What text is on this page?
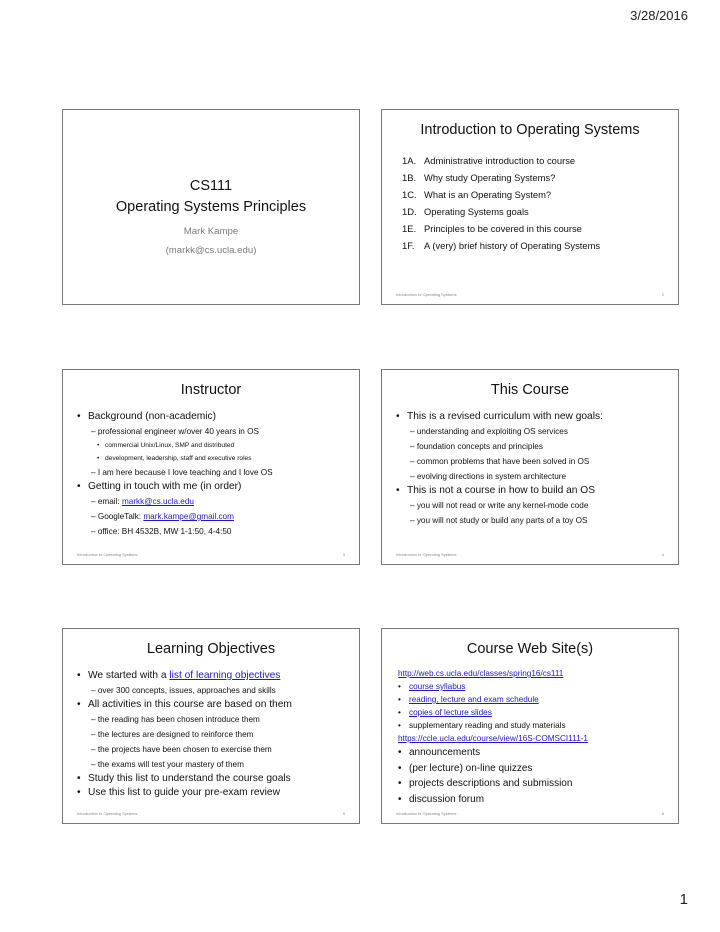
3/28/2016
CS111
Operating Systems Principles
Mark Kampe
(markk@cs.ucla.edu)
Introduction to Operating Systems
1A. Administrative introduction to course
1B. Why study Operating Systems?
1C. What is an Operating System?
1D. Operating Systems goals
1E. Principles to be covered in this course
1F.	A (very) brief history of Operating Systems
Introduction to Operating Systems	2
Instructor
• Background (non-academic)
– professional engineer w/over 40 years in OS
• commercial Unix/Linux, SMP and distributed
• development, leadership, staff and executive roles
– I am here because I love teaching and I love OS
• Getting in touch with me (in order)
– email: markk@cs.ucla.edu
– GoogleTalk: mark.kampe@gmail.com
– office: BH 4532B, MW 1-1:50, 4-4:50
Introduction to Operating Systems	3
This Course
• This is a revised curriculum with new goals:
– understanding and exploiting OS services
– foundation concepts and principles
– common problems that have been solved in OS
– evolving directions in system architecture
• This is not a course in how to build an OS
– you will not read or write any kernel-mode code
– you will not study or build any parts of a toy OS
Introduction to Operating Systems	4
Learning Objectives
• We started with a list of learning objectives
– over 300 concepts, issues, approaches and skills
• All activities in this course are based on them
– the reading has been chosen introduce them
– the lectures are designed to reinforce them
– the projects have been chosen to exercise them
– the exams will test your mastery of them
• Study this list to understand the course goals
• Use this list to guide your pre-exam review
Introduction to Operating Systems	5
Course Web Site(s)
http://web.cs.ucla.edu/classes/spring16/cs111
• course syllabus
• reading, lecture and exam schedule
• copies of lecture slides
• supplementary reading and study materials
https://ccle.ucla.edu/course/view/16S-COMSCI111-1
• announcements
• (per lecture) on-line quizzes
• projects descriptions and submission
• discussion forum
Introduction to Operating Systems	6
1
